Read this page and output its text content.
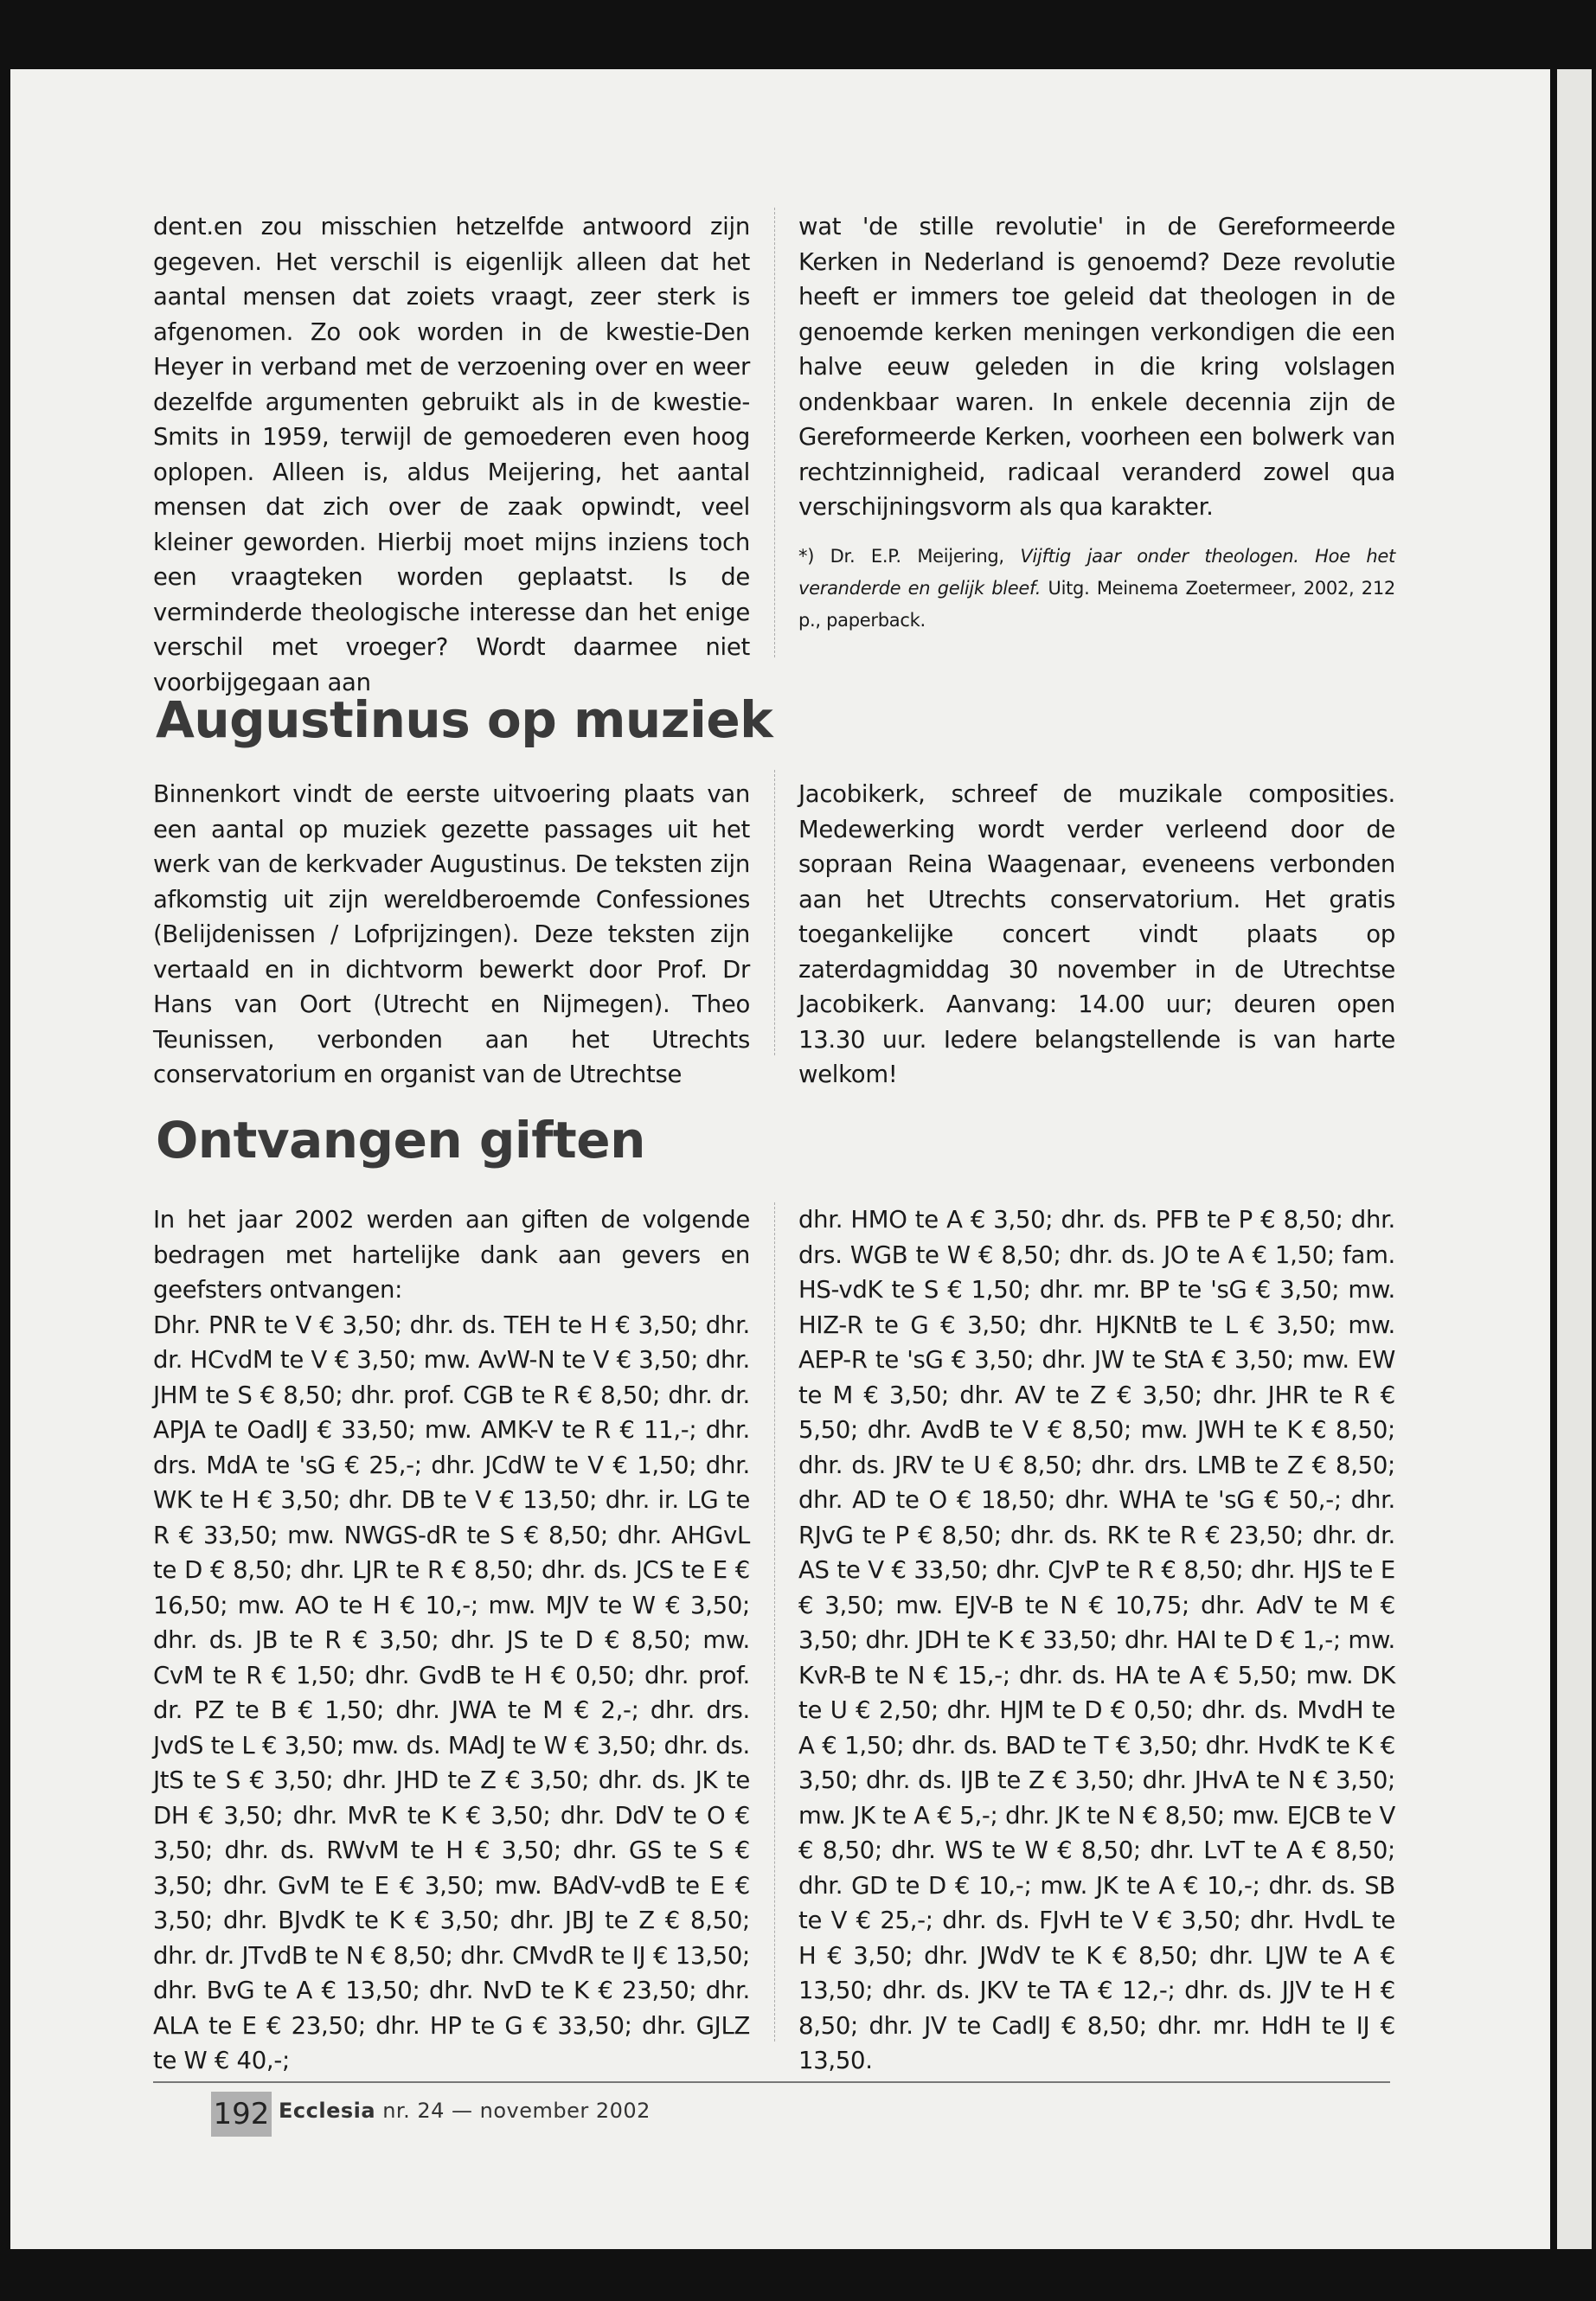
dent.en zou misschien hetzelfde antwoord zijn gegeven. Het verschil is eigenlijk alleen dat het aantal mensen dat zoiets vraagt, zeer sterk is afgenomen. Zo ook worden in de kwestie-Den Heyer in verband met de verzoening over en weer dezelfde argumenten gebruikt als in de kwestie-Smits in 1959, terwijl de gemoederen even hoog oplopen. Alleen is, aldus Meijering, het aantal mensen dat zich over de zaak opwindt, veel kleiner geworden. Hierbij moet mijns inziens toch een vraagteken worden geplaatst. Is de verminderde theologische interesse dan het enige verschil met vroeger? Wordt daarmee niet voorbijgegaan aan

wat 'de stille revolutie' in de Gereformeerde Kerken in Nederland is genoemd? Deze revolutie heeft er immers toe geleid dat theologen in de genoemde kerken meningen verkondigen die een halve eeuw geleden in die kring volslagen ondenkbaar waren. In enkele decennia zijn de Gereformeerde Kerken, voorheen een bolwerk van rechtzinnigheid, radicaal veranderd zowel qua verschijningsvorm als qua karakter.

*) Dr. E.P. Meijering, Vijftig jaar onder theologen. Hoe het veranderde en gelijk bleef. Uitg. Meinema Zoetermeer, 2002, 212 p., paperback.

Augustinus op muziek

Binnenkort vindt de eerste uitvoering plaats van een aantal op muziek gezette passages uit het werk van de kerkvader Augustinus. De teksten zijn afkomstig uit zijn wereldberoemde Confessiones (Belijdenissen / Lofprijzingen). Deze teksten zijn vertaald en in dichtvorm bewerkt door Prof. Dr Hans van Oort (Utrecht en Nijmegen). Theo Teunissen, verbonden aan het Utrechts conservatorium en organist van de Utrechtse

Jacobikerk, schreef de muzikale composities. Medewerking wordt verder verleend door de sopraan Reina Waagenaar, eveneens verbonden aan het Utrechts conservatorium. Het gratis toegankelijke concert vindt plaats op zaterdagmiddag 30 november in de Utrechtse Jacobikerk. Aanvang: 14.00 uur; deuren open 13.30 uur. Iedere belangstellende is van harte welkom!

Ontvangen giften

In het jaar 2002 werden aan giften de volgende bedragen met hartelijke dank aan gevers en geefsters ontvangen:

Dhr. PNR te V € 3,50; dhr. ds. TEH te H € 3,50; dhr. dr. HCvdM te V € 3,50; mw. AvW-N te V € 3,50; dhr. JHM te S € 8,50; dhr. prof. CGB te R € 8,50; dhr. dr. APJA te OadIJ € 33,50; mw. AMK-V te R € 11,-; dhr. drs. MdA te 'sG € 25,-; dhr. JCdW te V € 1,50; dhr. WK te H € 3,50; dhr. DB te V € 13,50; dhr. ir. LG te R € 33,50; mw. NWGS-dR te S € 8,50; dhr. AHGvL te D € 8,50; dhr. LJR te R € 8,50; dhr. ds. JCS te E € 16,50; mw. AO te H € 10,-; mw. MJV te W € 3,50; dhr. ds. JB te R € 3,50; dhr. JS te D € 8,50; mw. CvM te R € 1,50; dhr. GvdB te H € 0,50; dhr. prof. dr. PZ te B € 1,50; dhr. JWA te M € 2,-; dhr. drs. JvdS te L € 3,50; mw. ds. MAdJ te W € 3,50; dhr. ds. JtS te S € 3,50; dhr. JHD te Z € 3,50; dhr. ds. JK te DH € 3,50; dhr. MvR te K € 3,50; dhr. DdV te O € 3,50; dhr. ds. RWvM te H € 3,50; dhr. GS te S € 3,50; dhr. GvM te E € 3,50; mw. BAdV-vdB te E € 3,50; dhr. BJvdK te K € 3,50; dhr. JBJ te Z € 8,50; dhr. dr. JTvdB te N € 8,50; dhr. CMvdR te IJ € 13,50; dhr. BvG te A € 13,50; dhr. NvD te K € 23,50; dhr. ALA te E € 23,50; dhr. HP te G € 33,50; dhr. GJLZ te W € 40,-;

dhr. HMO te A € 3,50; dhr. ds. PFB te P € 8,50; dhr. drs. WGB te W € 8,50; dhr. ds. JO te A € 1,50; fam. HS-vdK te S € 1,50; dhr. mr. BP te 'sG € 3,50; mw. HIZ-R te G € 3,50; dhr. HJKNtB te L € 3,50; mw. AEP-R te 'sG € 3,50; dhr. JW te StA € 3,50; mw. EW te M € 3,50; dhr. AV te Z € 3,50; dhr. JHR te R € 5,50; dhr. AvdB te V € 8,50; mw. JWH te K € 8,50; dhr. ds. JRV te U € 8,50; dhr. drs. LMB te Z € 8,50; dhr. AD te O € 18,50; dhr. WHA te 'sG € 50,-; dhr. RJvG te P € 8,50; dhr. ds. RK te R € 23,50; dhr. dr. AS te V € 33,50; dhr. CJvP te R € 8,50; dhr. HJS te E € 3,50; mw. EJV-B te N € 10,75; dhr. AdV te M € 3,50; dhr. JDH te K € 33,50; dhr. HAI te D € 1,-; mw. KvR-B te N € 15,-; dhr. ds. HA te A € 5,50; mw. DK te U € 2,50; dhr. HJM te D € 0,50; dhr. ds. MvdH te A € 1,50; dhr. ds. BAD te T € 3,50; dhr. HvdK te K € 3,50; dhr. ds. IJB te Z € 3,50; dhr. JHvA te N € 3,50; mw. JK te A € 5,-; dhr. JK te N € 8,50; mw. EJCB te V € 8,50; dhr. WS te W € 8,50; dhr. LvT te A € 8,50; dhr. GD te D € 10,-; mw. JK te A € 10,-; dhr. ds. SB te V € 25,-; dhr. ds. FJvH te V € 3,50; dhr. HvdL te H € 3,50; dhr. JWdV te K € 8,50; dhr. LJW te A € 13,50; dhr. ds. JKV te TA € 12,-; dhr. ds. JJV te H € 8,50; dhr. JV te CadIJ € 8,50; dhr. mr. HdH te IJ € 13,50.

192 Ecclesia nr. 24 — november 2002
